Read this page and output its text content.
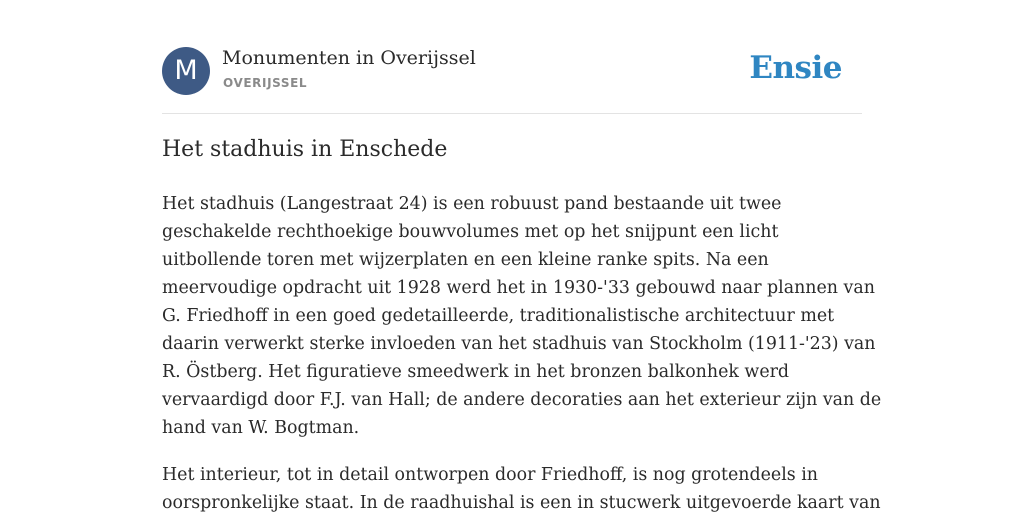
M	Monumenten in Overijssel
OVERIJSSEL	Ensie
Het stadhuis in Enschede

Het stadhuis (Langestraat 24) is een robuust pand bestaande uit twee
geschakelde rechthoekige bouwvolumes met op het snijpunt een licht
uitbollende toren met wijzerplaten en een kleine ranke spits. Na een
meervoudige opdracht uit 1928 werd het in 1930-'33 gebouwd naar plannen van
G. Friedhoff in een goed gedetailleerde, traditionalistische architectuur met
daarin verwerkt sterke invloeden van het stadhuis van Stockholm (1911-'23) van
R. Östberg. Het figuratieve smeedwerk in het bronzen balkonhek werd
vervaardigd door F.J. van Hall; de andere decoraties aan het exterieur zijn van de
hand van W. Bogtman.

Het interieur, tot in detail ontworpen door Friedhoff, is nog grotendeels in
oorspronkelijke staat. In de raadhuishal is een in stucwerk uitgevoerde kaart van
